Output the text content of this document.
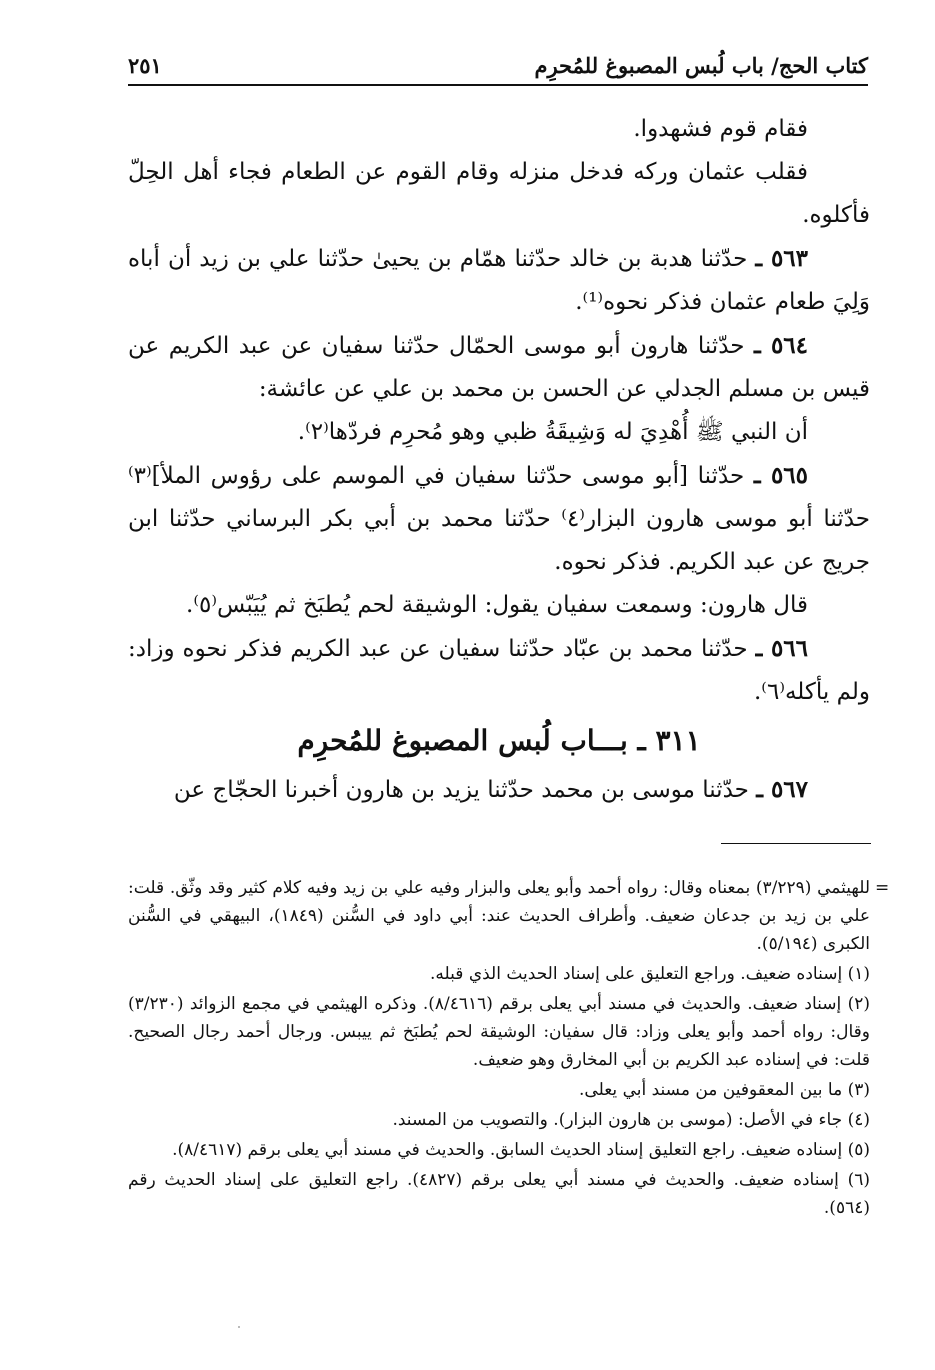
كتاب الحج/ باب لُبس المصبوغ للمُحرِم
٢٥١

فقام قوم فشهدوا.

فقلب عثمان وركه فدخل منزله وقام القوم عن الطعام فجاء أهل الحِلّ فأكلوه.

٥٦٣ ـ حدّثنا هدبة بن خالد حدّثنا همّام بن يحيىٰ حدّثنا علي بن زيد أن أباه وَلِيَ طعام عثمان فذكر نحوه⁽¹⁾.

٥٦٤ ـ حدّثنا هارون أبو موسى الحمّال حدّثنا سفيان عن عبد الكريم عن قيس بن مسلم الجدلي عن الحسن بن محمد بن علي عن عائشة:

أن النبي ﷺ أُهْدِيَ له وَشِيقَةُ ظبي وهو مُحرِم فردّها⁽٢⁾.

٥٦٥ ـ حدّثنا [أبو موسى حدّثنا سفيان في الموسم على رؤوس الملأ]⁽٣⁾ حدّثنا أبو موسى هارون البزار⁽٤⁾ حدّثنا محمد بن أبي بكر البرساني حدّثنا ابن جريج عن عبد الكريم. فذكر نحوه.

قال هارون: وسمعت سفيان يقول: الوشيقة لحم يُطبَخ ثم يُيَبّس⁽٥⁾.

٥٦٦ ـ حدّثنا محمد بن عبّاد حدّثنا سفيان عن عبد الكريم فذكر نحوه وزاد: ولم يأكله⁽٦⁾.

٣١١ ـ بـــاب لُبس المصبوغ للمُحرِم

٥٦٧ ـ حدّثنا موسى بن محمد حدّثنا يزيد بن هارون أخبرنا الحجّاج عن

=

للهيثمي (٣/٢٢٩) بمعناه وقال: رواه أحمد وأبو يعلى والبزار وفيه علي بن زيد وفيه كلام كثير وقد وثّق. قلت: علي بن زيد بن جدعان ضعيف. وأطراف الحديث عند: أبي داود في السُّنن (١٨٤٩)، البيهقي في السُّنن الكبرى (٥/١٩٤).

(١) إسناده ضعيف. وراجع التعليق على إسناد الحديث الذي قبله.

(٢) إسناد ضعيف. والحديث في مسند أبي يعلى برقم (٨/٤٦١٦). وذكره الهيثمي في مجمع الزوائد (٣/٢٣٠) وقال: رواه أحمد وأبو يعلى وزاد: قال سفيان: الوشيقة لحم يُطبَخ ثم ييبس. ورجال أحمد رجال الصحيح. قلت: في إسناده عبد الكريم بن أبي المخارق وهو ضعيف.

(٣) ما بين المعقوفين من مسند أبي يعلى.

(٤) جاء في الأصل: (موسى بن هارون البزار). والتصويب من المسند.

(٥) إسناده ضعيف. راجع التعليق إسناد الحديث السابق. والحديث في مسند أبي يعلى برقم (٨/٤٦١٧).

(٦) إسناده ضعيف. والحديث في مسند أبي يعلى برقم (٤٨٢٧). راجع التعليق على إسناد الحديث رقم (٥٦٤).
